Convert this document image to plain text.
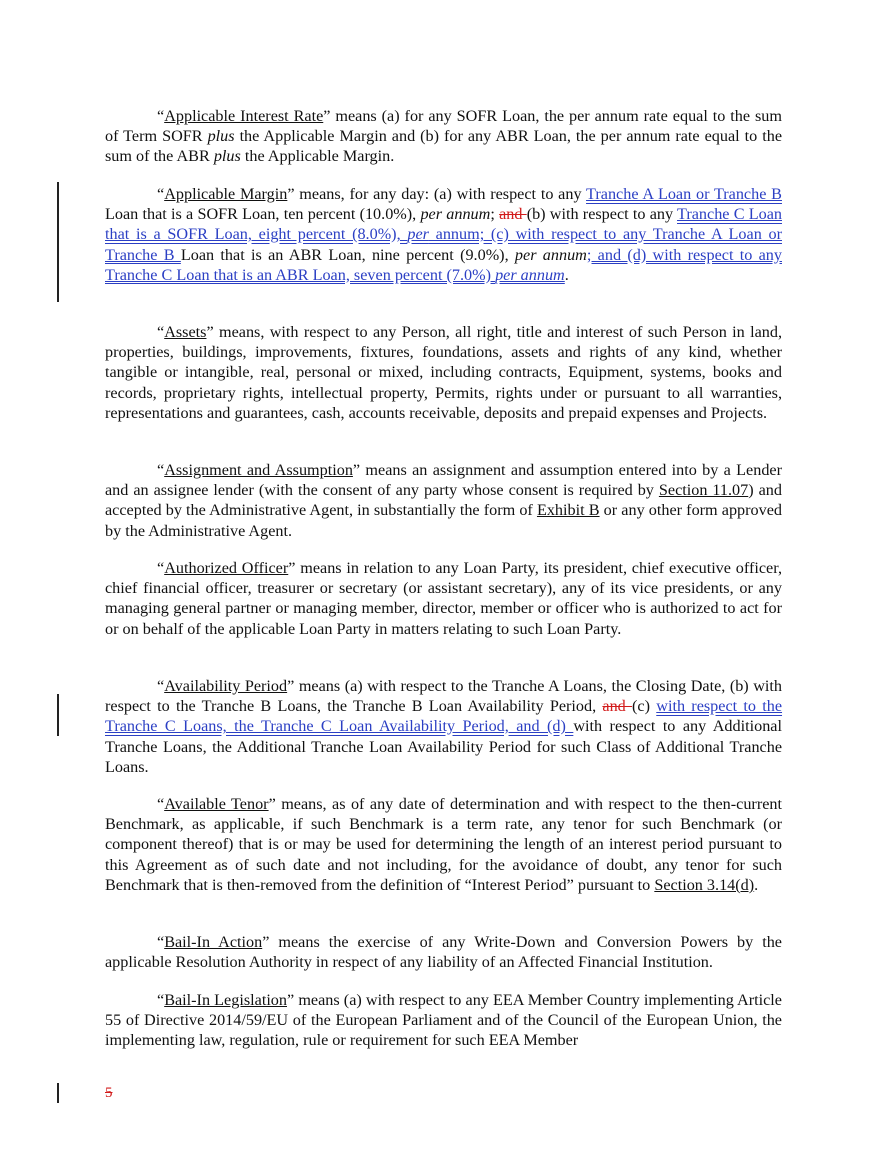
“Applicable Interest Rate” means (a) for any SOFR Loan, the per annum rate equal to the sum of Term SOFR plus the Applicable Margin and (b) for any ABR Loan, the per annum rate equal to the sum of the ABR plus the Applicable Margin.

“Applicable Margin” means, for any day: (a) with respect to any Tranche A Loan or Tranche B Loan that is a SOFR Loan, ten percent (10.0%), per annum; and (b) with respect to any Tranche C Loan that is a SOFR Loan, eight percent (8.0%), per annum; (c) with respect to any Tranche A Loan or Tranche B Loan that is an ABR Loan, nine percent (9.0%), per annum; and (d) with respect to any Tranche C Loan that is an ABR Loan, seven percent (7.0%) per annum.

“Assets” means, with respect to any Person, all right, title and interest of such Person in land, properties, buildings, improvements, fixtures, foundations, assets and rights of any kind, whether tangible or intangible, real, personal or mixed, including contracts, Equipment, systems, books and records, proprietary rights, intellectual property, Permits, rights under or pursuant to all warranties, representations and guarantees, cash, accounts receivable, deposits and prepaid expenses and Projects.

“Assignment and Assumption” means an assignment and assumption entered into by a Lender and an assignee lender (with the consent of any party whose consent is required by Section 11.07) and accepted by the Administrative Agent, in substantially the form of Exhibit B or any other form approved by the Administrative Agent.

“Authorized Officer” means in relation to any Loan Party, its president, chief executive officer, chief financial officer, treasurer or secretary (or assistant secretary), any of its vice presidents, or any managing general partner or managing member, director, member or officer who is authorized to act for or on behalf of the applicable Loan Party in matters relating to such Loan Party.

“Availability Period” means (a) with respect to the Tranche A Loans, the Closing Date, (b) with respect to the Tranche B Loans, the Tranche B Loan Availability Period, and (c) with respect to the Tranche C Loans, the Tranche C Loan Availability Period, and (d) with respect to any Additional Tranche Loans, the Additional Tranche Loan Availability Period for such Class of Additional Tranche Loans.

“Available Tenor” means, as of any date of determination and with respect to the then-current Benchmark, as applicable, if such Benchmark is a term rate, any tenor for such Benchmark (or component thereof) that is or may be used for determining the length of an interest period pursuant to this Agreement as of such date and not including, for the avoidance of doubt, any tenor for such Benchmark that is then-removed from the definition of “Interest Period” pursuant to Section 3.14(d).

“Bail-In Action” means the exercise of any Write-Down and Conversion Powers by the applicable Resolution Authority in respect of any liability of an Affected Financial Institution.

“Bail-In Legislation” means (a) with respect to any EEA Member Country implementing Article 55 of Directive 2014/59/EU of the European Parliament and of the Council of the European Union, the implementing law, regulation, rule or requirement for such EEA Member

5
